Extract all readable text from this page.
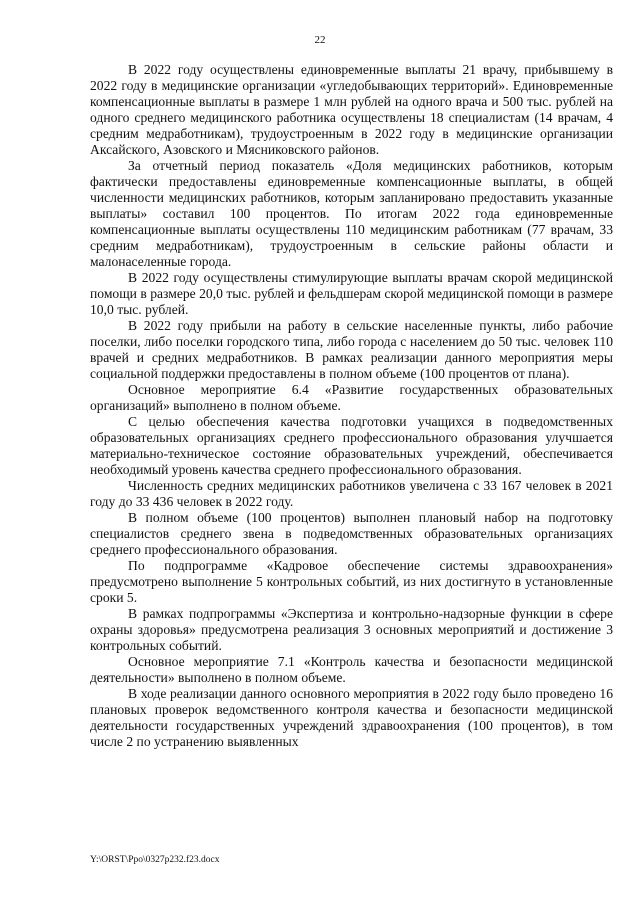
22

В 2022 году осуществлены единовременные выплаты 21 врачу, прибывшему в 2022 году в медицинские организации «угледобывающих территорий». Единовременные компенсационные выплаты в размере 1 млн рублей на одного врача и 500 тыс. рублей на одного среднего медицинского работника осуществлены 18 специалистам (14 врачам, 4 средним медработникам), трудоустроенным в 2022 году в медицинские организации Аксайского, Азовского и Мясниковского районов.

За отчетный период показатель «Доля медицинских работников, которым фактически предоставлены единовременные компенсационные выплаты, в общей численности медицинских работников, которым запланировано предоставить указанные выплаты» составил 100 процентов. По итогам 2022 года единовременные компенсационные выплаты осуществлены 110 медицинским работникам (77 врачам, 33 средним медработникам), трудоустроенным в сельские районы области и малонаселенные города.

В 2022 году осуществлены стимулирующие выплаты врачам скорой медицинской помощи в размере 20,0 тыс. рублей и фельдшерам скорой медицинской помощи в размере 10,0 тыс. рублей.

В 2022 году прибыли на работу в сельские населенные пункты, либо рабочие поселки, либо поселки городского типа, либо города с населением до 50 тыс. человек 110 врачей и средних медработников. В рамках реализации данного мероприятия меры социальной поддержки предоставлены в полном объеме (100 процентов от плана).

Основное мероприятие 6.4 «Развитие государственных образовательных организаций» выполнено в полном объеме.

С целью обеспечения качества подготовки учащихся в подведомственных образовательных организациях среднего профессионального образования улучшается материально-техническое состояние образовательных учреждений, обеспечивается необходимый уровень качества среднего профессионального образования.

Численность средних медицинских работников увеличена с 33 167 человек в 2021 году до 33 436 человек в 2022 году.

В полном объеме (100 процентов) выполнен плановый набор на подготовку специалистов среднего звена в подведомственных образовательных организациях среднего профессионального образования.

По подпрограмме «Кадровое обеспечение системы здравоохранения» предусмотрено выполнение 5 контрольных событий, из них достигнуто в установленные сроки 5.

В рамках подпрограммы «Экспертиза и контрольно-надзорные функции в сфере охраны здоровья» предусмотрена реализация 3 основных мероприятий и достижение 3 контрольных событий.

Основное мероприятие 7.1 «Контроль качества и безопасности медицинской деятельности» выполнено в полном объеме.

В ходе реализации данного основного мероприятия в 2022 году было проведено 16 плановых проверок ведомственного контроля качества и безопасности медицинской деятельности государственных учреждений здравоохранения (100 процентов), в том числе 2 по устранению выявленных

Y:\ORST\Ppo\0327p232.f23.docx
